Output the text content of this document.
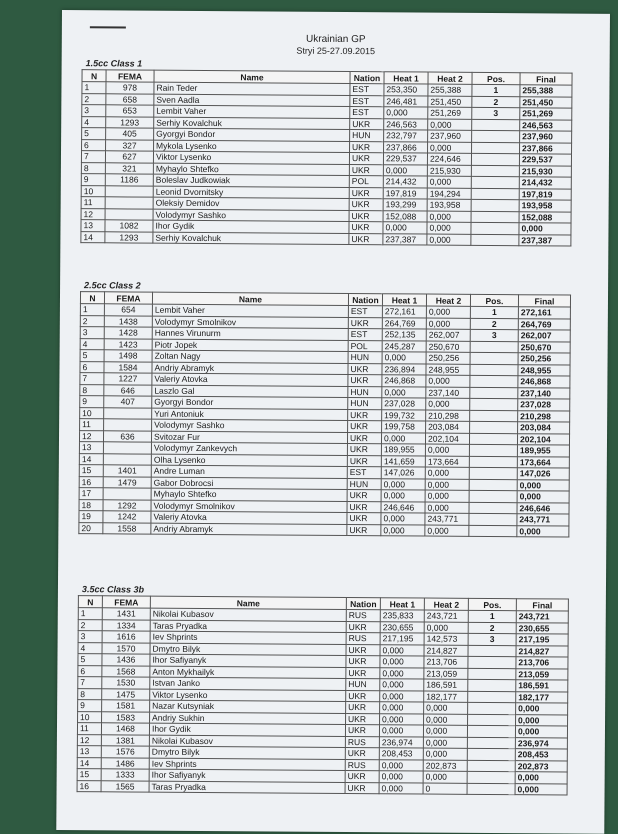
Ukrainian GP
Stryi 25-27.09.2015
1.5cc Class 1
N	FEMA	Name	Nation	Heat 1	Heat 2	Pos.	Final
1	978	Rain Teder	EST	253,350	255,388	1	255,388
2	658	Sven Aadla	EST	246,481	251,450	2	251,450
3	653	Lembit Vaher	EST	0,000	251,269	3	251,269
4	1293	Serhiy Kovalchuk	UKR	246,563	0,000		246,563
5	405	Gyorgyi Bondor	HUN	232,797	237,960		237,960
6	327	Mykola Lysenko	UKR	237,866	0,000		237,866
7	627	Viktor Lysenko	UKR	229,537	224,646		229,537
8	321	Myhaylo Shtefko	UKR	0,000	215,930		215,930
9	1186	Boleslav Judkowiak	POL	214,432	0,000		214,432
10		Leonid Dvornitsky	UKR	197,819	194,294		197,819
11		Oleksiy Demidov	UKR	193,299	193,958		193,958
12		Volodymyr Sashko	UKR	152,088	0,000		152,088
13	1082	Ihor Gydik	UKR	0,000	0,000		0,000
14	1293	Serhiy Kovalchuk	UKR	237,387	0,000		237,387
2.5cc Class 2
N	FEMA	Name	Nation	Heat 1	Heat 2	Pos.	Final
1	654	Lembit Vaher	EST	272,161	0,000	1	272,161
2	1438	Volodymyr Smolnikov	UKR	264,769	0,000	2	264,769
3	1428	Hannes Virunurm	EST	252,135	262,007	3	262,007
4	1423	Piotr Jopek	POL	245,287	250,670		250,670
5	1498	Zoltan Nagy	HUN	0,000	250,256		250,256
6	1584	Andriy Abramyk	UKR	236,894	248,955		248,955
7	1227	Valeriy Atovka	UKR	246,868	0,000		246,868
8	646	Laszlo Gal	HUN	0,000	237,140		237,140
9	407	Gyorgyi Bondor	HUN	237,028	0,000		237,028
10		Yuri Antoniuk	UKR	199,732	210,298		210,298
11		Volodymyr Sashko	UKR	199,758	203,084		203,084
12	636	Svitozar Fur	UKR	0,000	202,104		202,104
13		Volodymyr Zankevych	UKR	189,955	0,000		189,955
14		Olha Lysenko	UKR	141,659	173,664		173,664
15	1401	Andre Luman	EST	147,026	0,000		147,026
16	1479	Gabor Dobrocsi	HUN	0,000	0,000		0,000
17		Myhaylo Shtefko	UKR	0,000	0,000		0,000
18	1292	Volodymyr Smolnikov	UKR	246,646	0,000		246,646
19	1242	Valeriy Atovka	UKR	0,000	243,771		243,771
20	1558	Andriy Abramyk	UKR	0,000	0,000		0,000
3.5cc Class 3b
N	FEMA	Name	Nation	Heat 1	Heat 2	Pos.	Final
1	1431	Nikolai Kubasov	RUS	235,833	243,721	1	243,721
2	1334	Taras Pryadka	UKR	230,655	0,000	2	230,655
3	1616	Iev Shprints	RUS	217,195	142,573	3	217,195
4	1570	Dmytro Bilyk	UKR	0,000	214,827		214,827
5	1436	Ihor Safiyanyk	UKR	0,000	213,706		213,706
6	1568	Anton Mykhailyk	UKR	0,000	213,059		213,059
7	1530	Istvan Janko	HUN	0,000	186,591		186,591
8	1475	Viktor Lysenko	UKR	0,000	182,177		182,177
9	1581	Nazar Kutsyniak	UKR	0,000	0,000		0,000
10	1583	Andriy Sukhin	UKR	0,000	0,000		0,000
11	1468	Ihor Gydik	UKR	0,000	0,000		0,000
12	1381	Nikolai Kubasov	RUS	236,974	0,000		236,974
13	1576	Dmytro Bilyk	UKR	208,453	0,000		208,453
14	1486	Iev Shprints	RUS	0,000	202,873		202,873
15	1333	Ihor Safiyanyk	UKR	0,000	0,000		0,000
16	1565	Taras Pryadka	UKR	0,000	0		0,000
